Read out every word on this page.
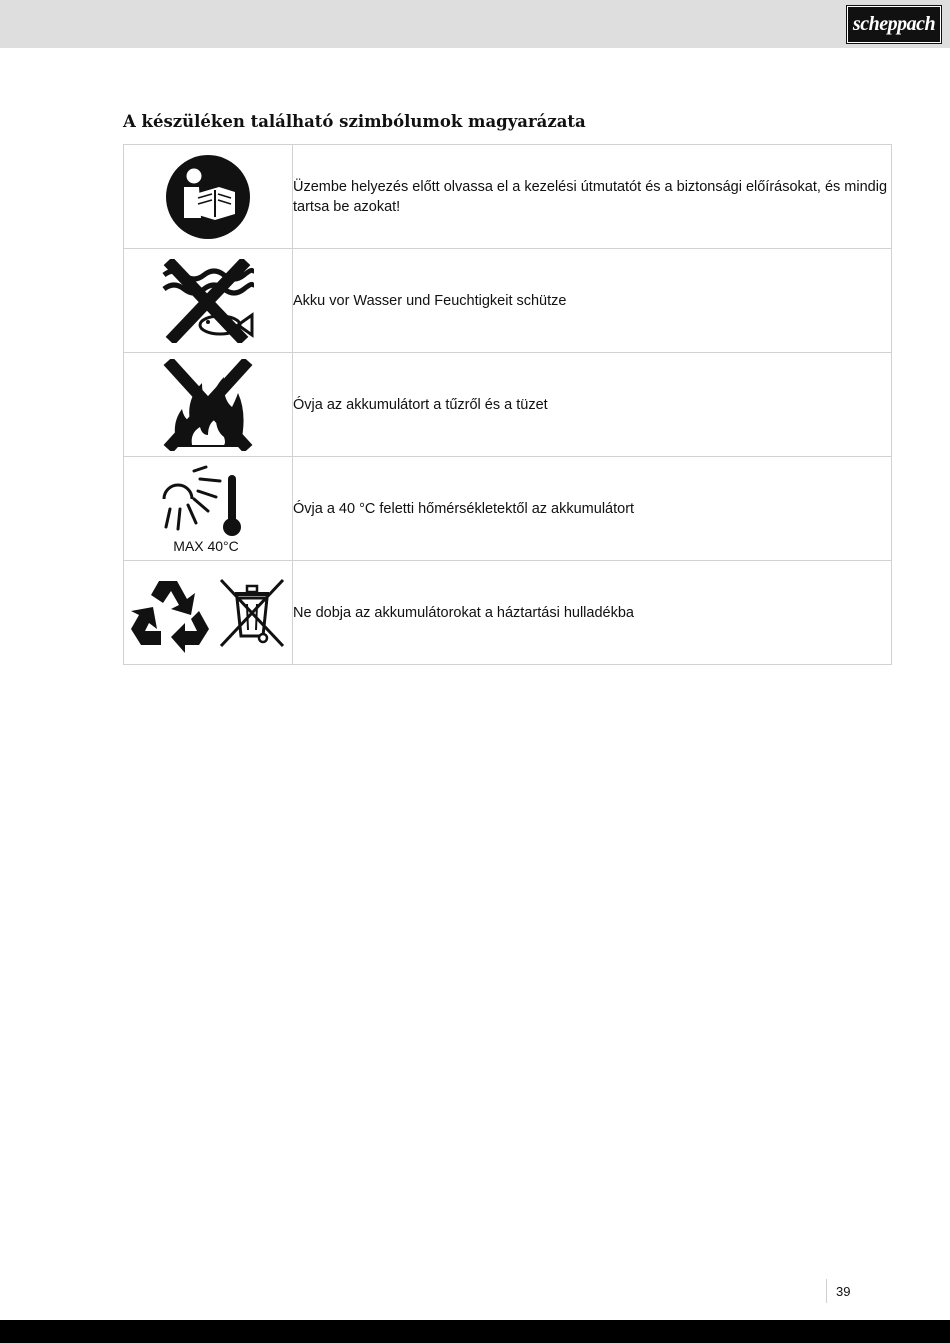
scheppach
A készüléken található szimbólumok magyarázata
	Üzembe helyezés előtt olvassa el a kezelési útmutatót és a biztonsági előírásokat, és mindig tartsa be azokat!

	Akku vor Wasser und Feuchtigkeit schütze

	Óvja az akkumulátort a tűzről és a tüzet

MAX 40°C	Óvja a 40 °C feletti hőmérsékletektől az akkumulátort
	Ne dobja az akkumulátorokat a háztartási hulladékba
39
